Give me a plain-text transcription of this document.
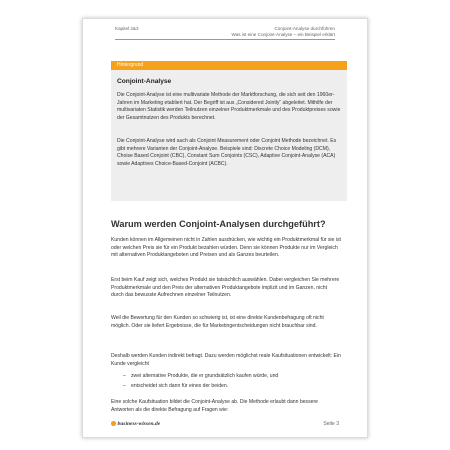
Kapitel 2&3	Conjoint-Analyse durchführen
Was ist eine Conjoint-Analyse – ein Beispiel erklärt
Hintergrund
Conjoint-Analyse

Die Conjoint-Analyse ist eine multivariate Methode der Marktforschung, die sich seit den 1960er-Jahren im Marketing etabliert hat. Der Begriff ist aus „Considered Jointly“ abgeleitet. Mithilfe der multivariaten Statistik werden Teilnutzen einzelner Produktmerkmale und des Produktpreises sowie der Gesamtnutzen des Produkts berechnet.

Die Conjoint-Analyse wird auch als Conjoint Measurement oder Conjoint Methode bezeichnet. Es gibt mehrere Varianten der Conjoint-Analyse. Beispiele sind: Discrete Choice Modeling (DCM), Choise Based Conjoint (CBC), Constant Sum Conjoints (CSC), Adaptive Conjoint-Analyse (ACA) sowie Adaptives Choice-Based-Conjoint (ACBC).

Warum werden Conjoint-Analysen durchgeführt?

Kunden können im Allgemeinen nicht in Zahlen ausdrücken, wie wichtig ein Produktmerkmal für sie ist oder welchen Preis sie für ein Produkt bezahlen würden. Denn sie können Produkte nur im Vergleich mit alternativen Produktangeboten und Preisen und als Ganzes beurteilen.

Erst beim Kauf zeigt sich, welches Produkt sie tatsächlich auswählen. Dabei vergleichen Sie mehrere Produktmerkmale und den Preis der alternativen Produktangebote implizit und im Ganzen, nicht durch das bewusste Aufrechnen einzelner Teilnutzen.

Weil die Bewertung für den Kunden so schwierig ist, ist eine direkte Kundenbefragung oft nicht möglich. Oder sie liefert Ergebnisse, die für Marketingentscheidungen nicht brauchbar sind.

Deshalb werden Kunden indirekt befragt. Dazu werden möglichst reale Kaufsituationen entwickelt: Ein Kunde vergleicht

– zwei alternative Produkte, die er grundsätzlich kaufen würde, und
– entscheidet sich dann für eines der beiden.

Eine solche Kaufsituation bildet die Conjoint-Analyse ab. Die Methode erlaubt dann bessere Antworten als die direkte Befragung auf Fragen wie:

business-wissen.de	Seite 3
